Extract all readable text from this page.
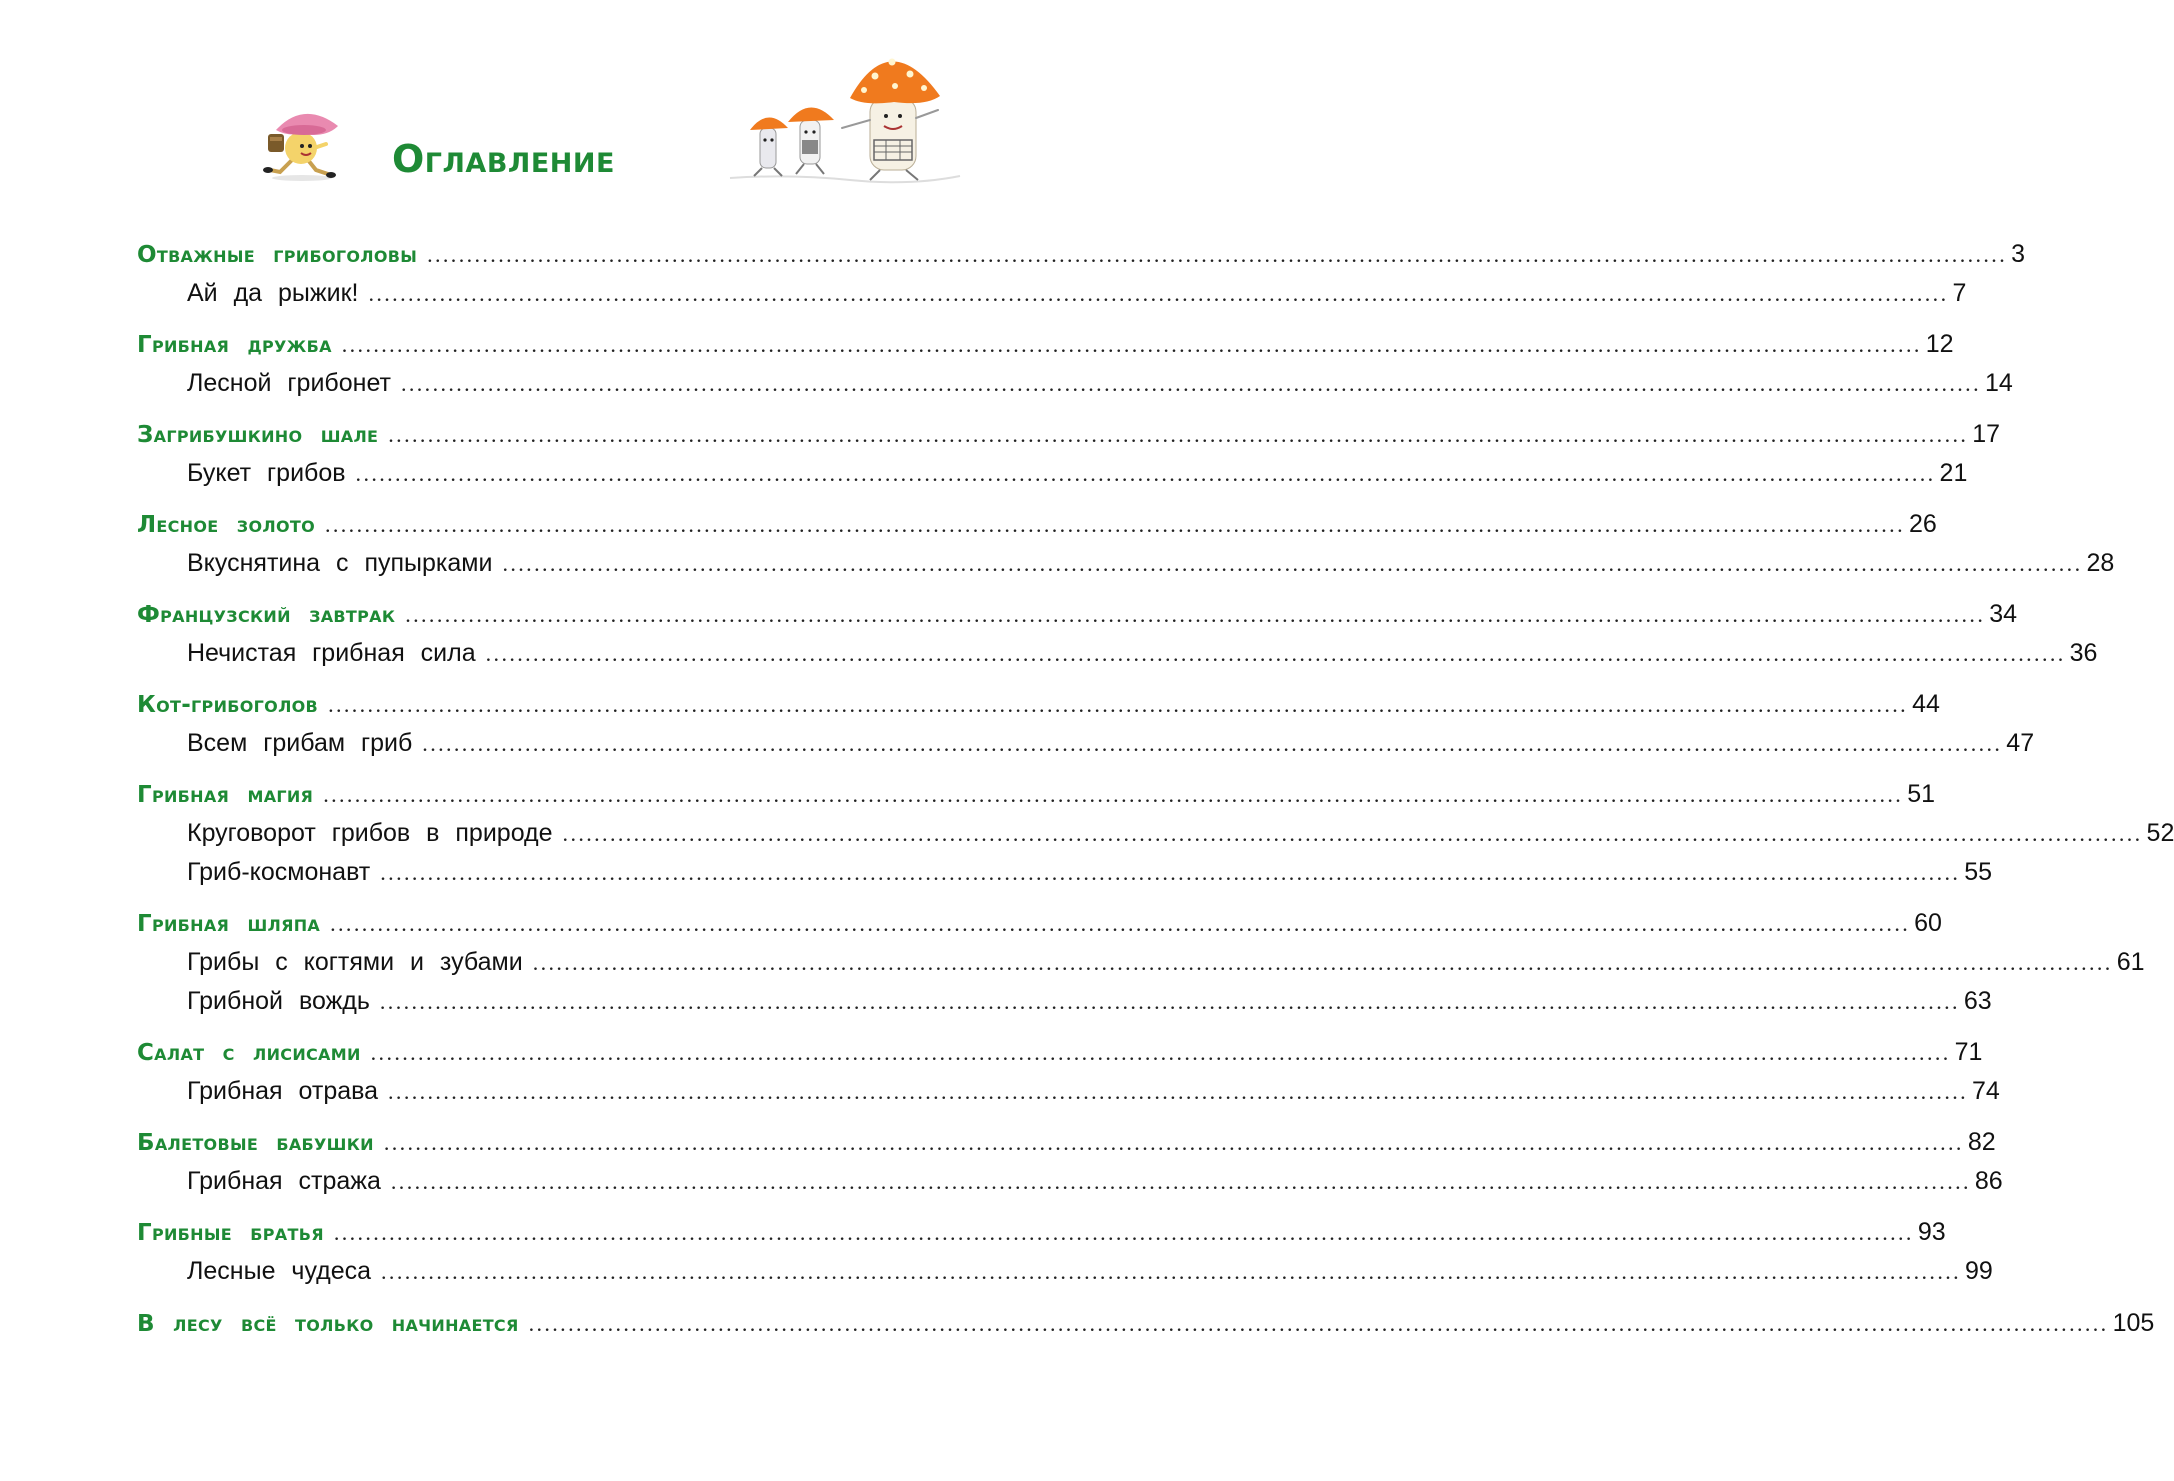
Оглавление
Отважные грибоголовы ........................................................................................................................................................................................................ 3
Ай да рыжик! ........................................................................................................................................................................................................ 7
Грибная дружба ........................................................................................................................................................................................................ 12
Лесной грибонет ........................................................................................................................................................................................................ 14
Загрибушкино шале ........................................................................................................................................................................................................ 17
Букет грибов ........................................................................................................................................................................................................ 21
Лесное золото ........................................................................................................................................................................................................ 26
Вкуснятина с пупырками ........................................................................................................................................................................................................ 28
Французский завтрак ........................................................................................................................................................................................................ 34
Нечистая грибная сила ........................................................................................................................................................................................................ 36
Кот-грибоголов ........................................................................................................................................................................................................ 44
Всем грибам гриб ........................................................................................................................................................................................................ 47
Грибная магия ........................................................................................................................................................................................................ 51
Круговорот грибов в природе ........................................................................................................................................................................................................ 52
Гриб-космонавт ........................................................................................................................................................................................................ 55
Грибная шляпа ........................................................................................................................................................................................................ 60
Грибы с когтями и зубами ........................................................................................................................................................................................................ 61
Грибной вождь ........................................................................................................................................................................................................ 63
Салат с лисисами ........................................................................................................................................................................................................ 71
Грибная отрава ........................................................................................................................................................................................................ 74
Балетовые бабушки ........................................................................................................................................................................................................ 82
Грибная стража ........................................................................................................................................................................................................ 86
Грибные братья ........................................................................................................................................................................................................ 93
Лесные чудеса ........................................................................................................................................................................................................ 99
В лесу всё только начинается ........................................................................................................................................................................................................ 105
